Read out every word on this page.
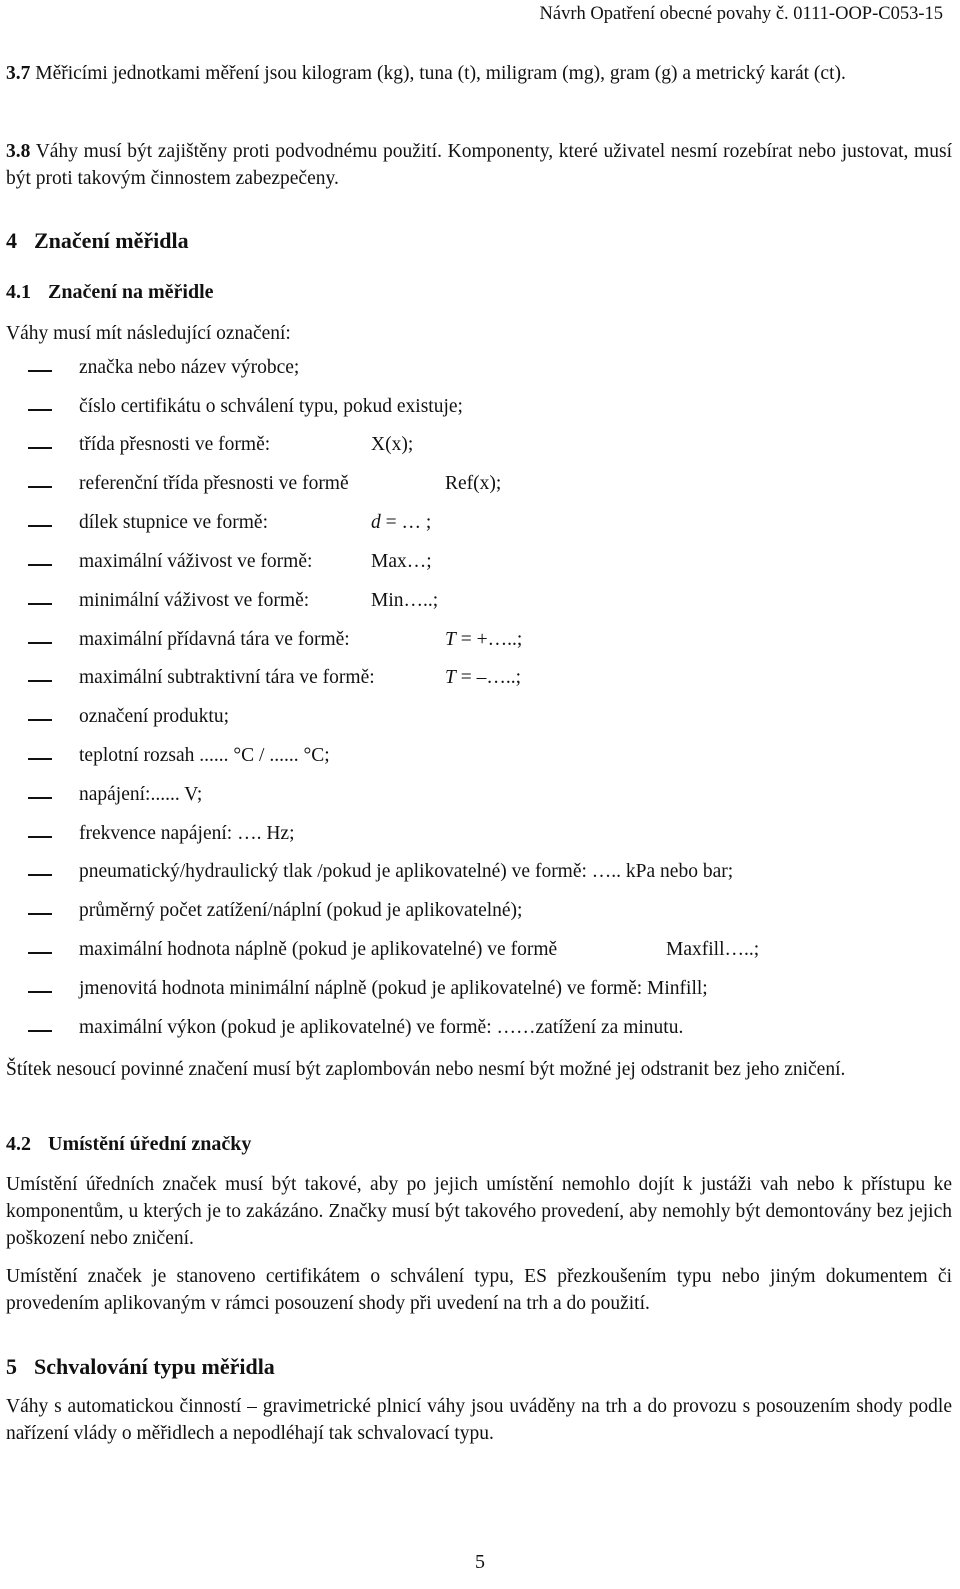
Návrh Opatření obecné povahy č. 0111-OOP-C053-15
3.7 Měřicími jednotkami měření jsou kilogram (kg), tuna (t), miligram (mg), gram (g) a metrický karát (ct).
3.8 Váhy musí být zajištěny proti podvodnému použití. Komponenty, které uživatel nesmí rozebírat nebo justovat, musí být proti takovým činnostem zabezpečeny.
4 Značení měřidla
4.1 Značení na měřidle
Váhy musí mít následující označení:
značka nebo název výrobce;
číslo certifikátu o schválení typu, pokud existuje;
třída přesnosti ve formě:	X(x);
referenční třída přesnosti ve formě	Ref(x);
dílek stupnice ve formě:	d = … ;
maximální váživost ve formě:	Max…;
minimální váživost ve formě:	Min…..;
maximální přídavná tára ve formě:	T = +…..;
maximální subtraktivní tára ve formě:	T = –…..;
označení produktu;
teplotní rozsah ...... °C / ...... °C;
napájení:...... V;
frekvence napájení: …. Hz;
pneumatický/hydraulický tlak /pokud je aplikovatelné) ve formě: ….. kPa nebo bar;
průměrný počet zatížení/náplní (pokud je aplikovatelné);
maximální hodnota náplně (pokud je aplikovatelné) ve formě	Maxfill…..;
jmenovitá hodnota minimální náplně (pokud je aplikovatelné) ve formě: Minfill;
maximální výkon (pokud je aplikovatelné) ve formě: ……zatížení za minutu.
Štítek nesoucí povinné značení musí být zaplombován nebo nesmí být možné jej odstranit bez jeho zničení.
4.2 Umístění úřední značky
Umístění úředních značek musí být takové, aby po jejich umístění nemohlo dojít k justáži vah nebo k přístupu ke komponentům, u kterých je to zakázáno. Značky musí být takového provedení, aby nemohly být demontovány bez jejich poškození nebo zničení.
Umístění značek je stanoveno certifikátem o schválení typu, ES přezkoušením typu nebo jiným dokumentem či provedením aplikovaným v rámci posouzení shody při uvedení na trh a do použití.
5 Schvalování typu měřidla
Váhy s automatickou činností – gravimetrické plnicí váhy jsou uváděny na trh a do provozu s posouzením shody podle nařízení vlády o měřidlech a nepodléhají tak schvalovací typu.
5
